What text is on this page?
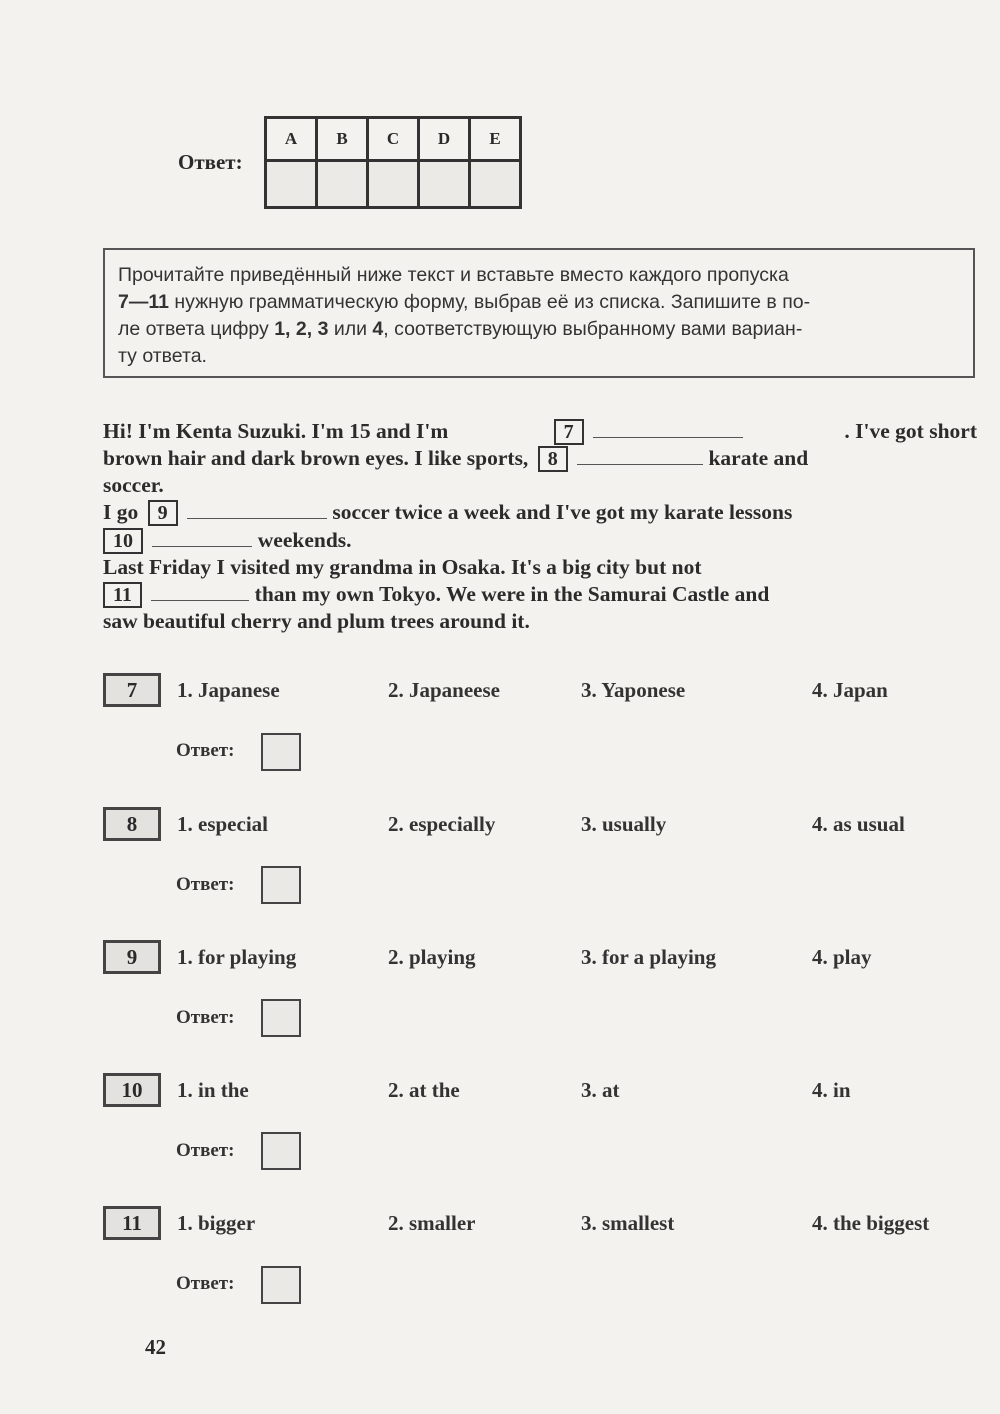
Ответ:
A	B	C	D	E

Прочитайте приведённый ниже текст и вставьте вместо каждого пропуска
7—11 нужную грамматическую форму, выбрав её из списка. Запишите в по-
ле ответа цифру 1, 2, 3 или 4, соответствующую выбранному вами вариан-
ту ответа.
Hi! I'm Kenta Suzuki. I'm 15 and I'm	7	. I've got short
brown hair and dark brown eyes. I like sports, 8	karate and
soccer.
I go 9	soccer twice a week and I've got my karate lessons
10	weekends.
Last Friday I visited my grandma in Osaka. It's a big city but not
11	than my own Tokyo. We were in the Samurai Castle and
saw beautiful cherry and plum trees around it.
7	1. Japanese	2. Japaneese	3. Yaponese	4. Japan
Ответ:
8	1. especial	2. especially	3. usually	4. as usual
Ответ:
9	1. for playing	2. playing	3. for a playing	4. play
Ответ:
10	1. in the	2. at the	3. at	4. in
Ответ:
11	1. bigger	2. smaller	3. smallest	4. the biggest
Ответ:
42
